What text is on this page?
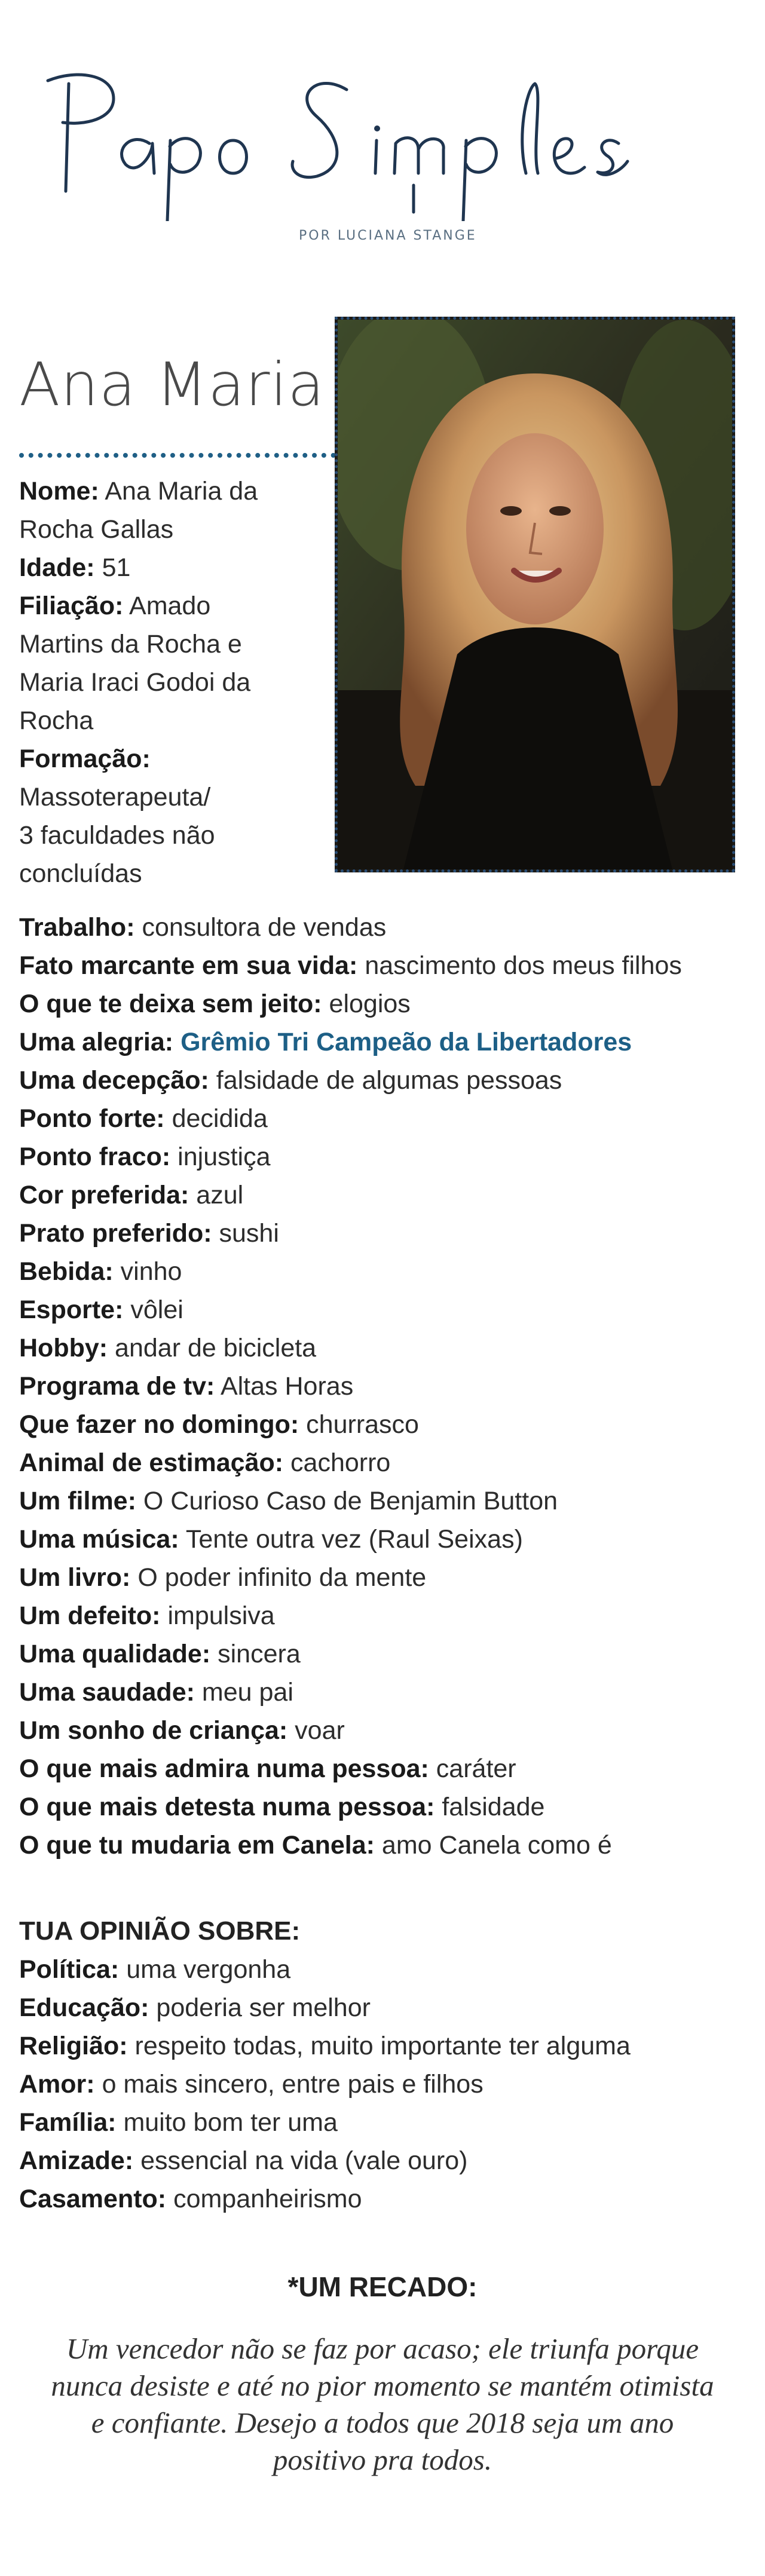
POR LUCIANA STANGE
Ana Maria
Nome: Ana Maria da
Rocha Gallas
Idade: 51
Filiação: Amado
Martins da Rocha e
Maria Iraci Godoi da
Rocha
Formação:
Massoterapeuta/
3 faculdades não
concluídas
Trabalho: consultora de vendas
Fato marcante em sua vida: nascimento dos meus filhos
O que te deixa sem jeito: elogios
Uma alegria: Grêmio Tri Campeão da Libertadores
Uma decepção: falsidade de algumas pessoas
Ponto forte: decidida
Ponto fraco: injustiça
Cor preferida: azul
Prato preferido: sushi
Bebida: vinho
Esporte: vôlei
Hobby: andar de bicicleta
Programa de tv: Altas Horas
Que fazer no domingo: churrasco
Animal de estimação: cachorro
Um filme: O Curioso Caso de Benjamin Button
Uma música: Tente outra vez (Raul Seixas)
Um livro: O poder infinito da mente
Um defeito: impulsiva
Uma qualidade: sincera
Uma saudade: meu pai
Um sonho de criança: voar
O que mais admira numa pessoa: caráter
O que mais detesta numa pessoa: falsidade
O que tu mudaria em Canela: amo Canela como é
TUA OPINIÃO SOBRE:
Política: uma vergonha
Educação: poderia ser melhor
Religião: respeito todas, muito importante ter alguma
Amor: o mais sincero, entre pais e filhos
Família: muito bom ter uma
Amizade: essencial na vida (vale ouro)
Casamento: companheirismo
*UM RECADO:
Um vencedor não se faz por acaso; ele triunfa porque nunca desiste e até no pior momento se mantém otimista e confiante. Desejo a todos que 2018 seja um ano positivo pra todos.
